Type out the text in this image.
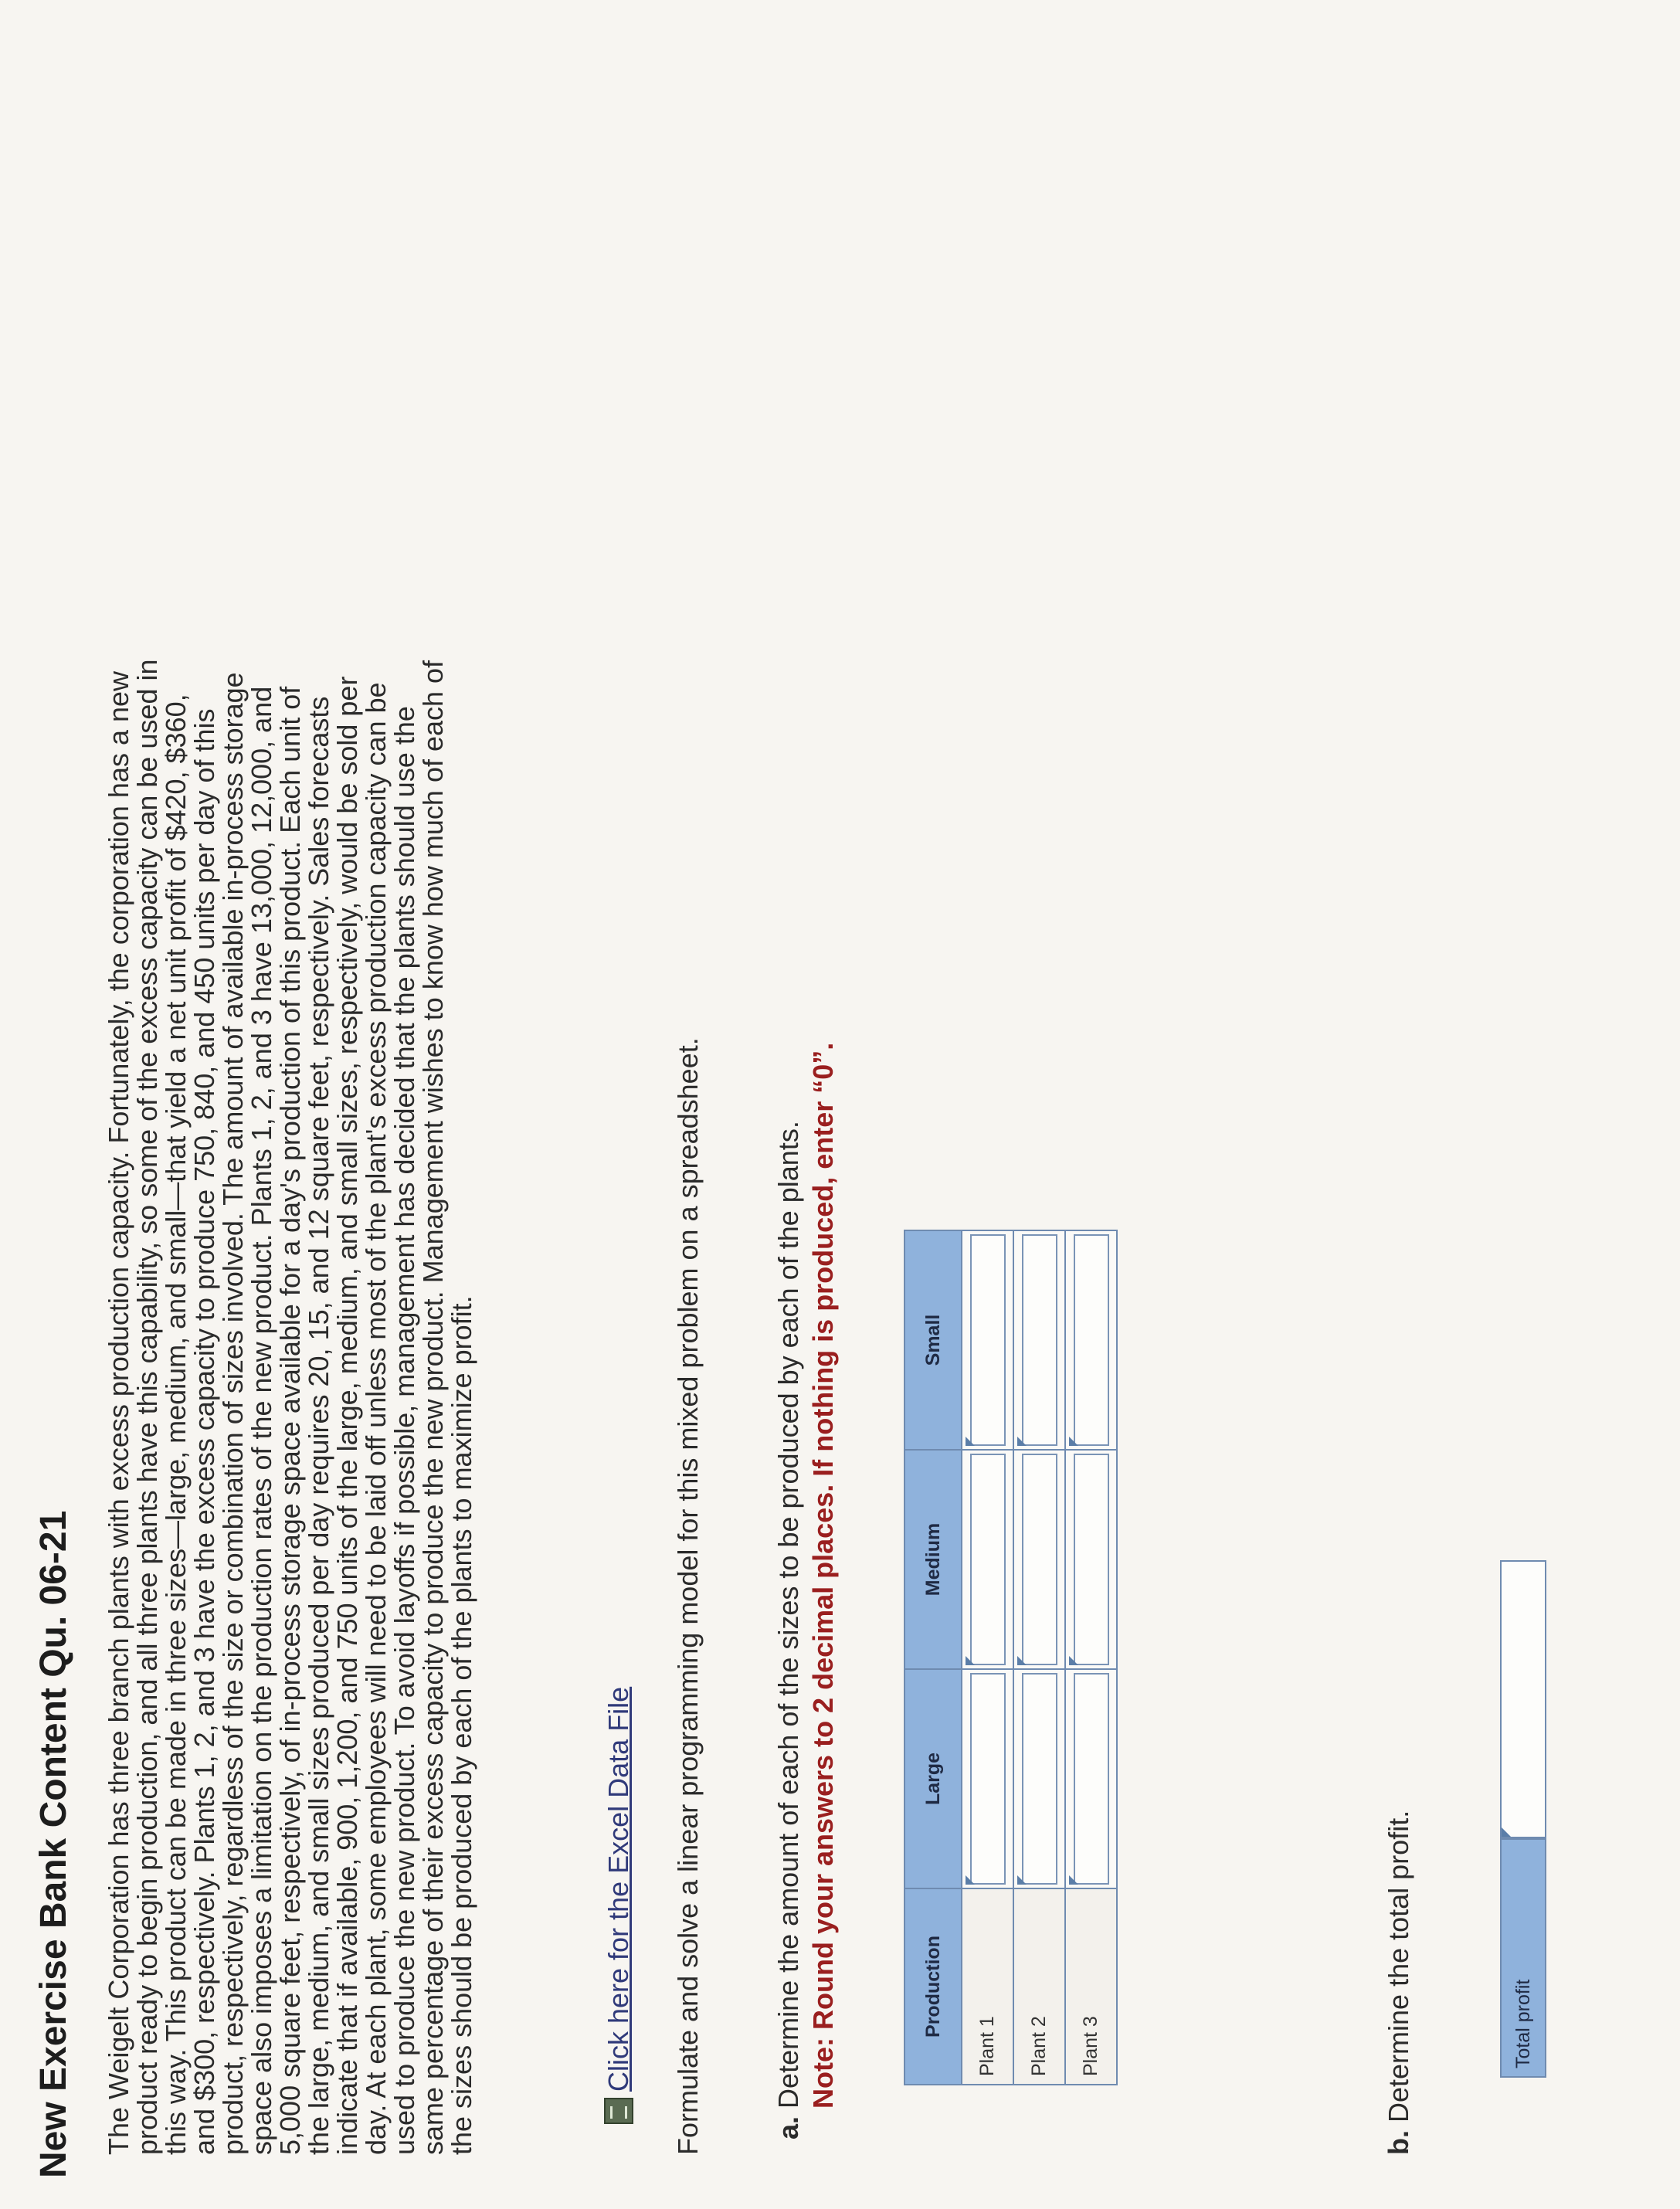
New Exercise Bank Content Qu. 06-21 The Weigelt Corporation has three branch plants with excess production capacity. Fortunately, the corporation has a new product ready to begin production, and all three plants have this capability, so some of the excess capacity can be used in this way. This product can be made in three sizes—large, medium, and small—that yield a net unit profit of $420, $360, and $300, respectively. Plants 1, 2, and 3 have the excess capacity to produce 750, 840, and 450 units per day of this product, respectively, regardless of the size or combination of sizes involved. The amount of available in-process storage space also imposes a limitation on the production rates of the new product. Plants 1, 2, and 3 have 13,000, 12,000, and 5,000 square feet, respectively, of in-process storage space available for a day's production of this product. Each unit of the large, medium, and small sizes produced per day requires 20, 15, and 12 square feet, respectively. Sales forecasts indicate that if available, 900, 1,200, and 750 units of the large, medium, and small sizes, respectively, would be sold per day. At each plant, some employees will need to be laid off unless most of the plant's excess production capacity can be used to produce the new product. To avoid layoffs if possible, management has decided that the plants should use the same percentage of their excess capacity to produce the new product. Management wishes to know how much of each of the sizes should be produced by each of the plants to maximize profit.	Click here for the Excel Data File Formulate and solve a linear programming model for this mixed problem on a spreadsheet. a. Determine the amount of each of the sizes to be produced by each of the plants. Note: Round your answers to 2 decimal places. If nothing is produced, enter “0”.	Production	Large	Medium	Small
Plant 1	

Plant 2	

Plant 3	

b. Determine the total profit.	Total profit
